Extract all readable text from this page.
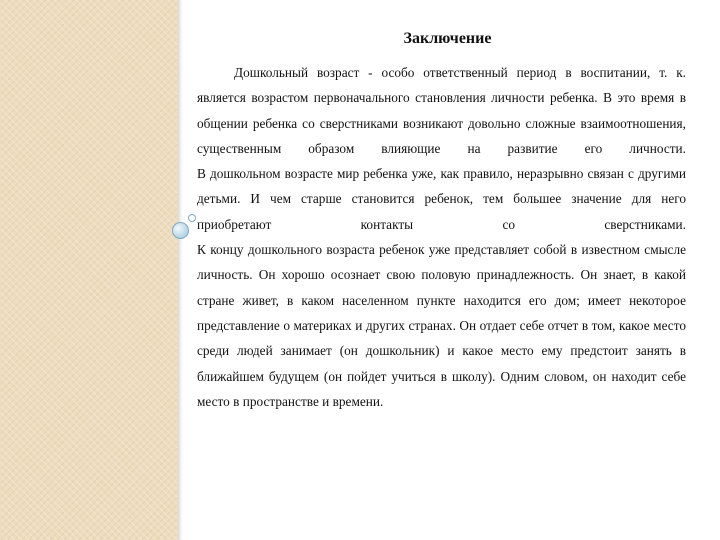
Заключение

Дошкольный возраст - особо ответственный период в воспитании, т. к. является возрастом первоначального становления личности ребенка. В это время в общении ребенка со сверстниками возникают довольно сложные взаимоотношения, существенным образом влияющие на развитие его личности.

В дошкольном возрасте мир ребенка уже, как правило, неразрывно связан с другими детьми. И чем старше становится ребенок, тем большее значение для него приобретают контакты со сверстниками.

К концу дошкольного возраста ребенок уже представляет собой в известном смысле личность. Он хорошо осознает свою половую принадлежность. Он знает, в какой стране живет, в каком населенном пункте находится его дом; имеет некоторое представление о материках и других странах. Он отдает себе отчет в том, какое место среди людей занимает (он дошкольник) и какое место ему предстоит занять в ближайшем будущем (он пойдет учиться в школу). Одним словом, он находит себе место в пространстве и времени.
